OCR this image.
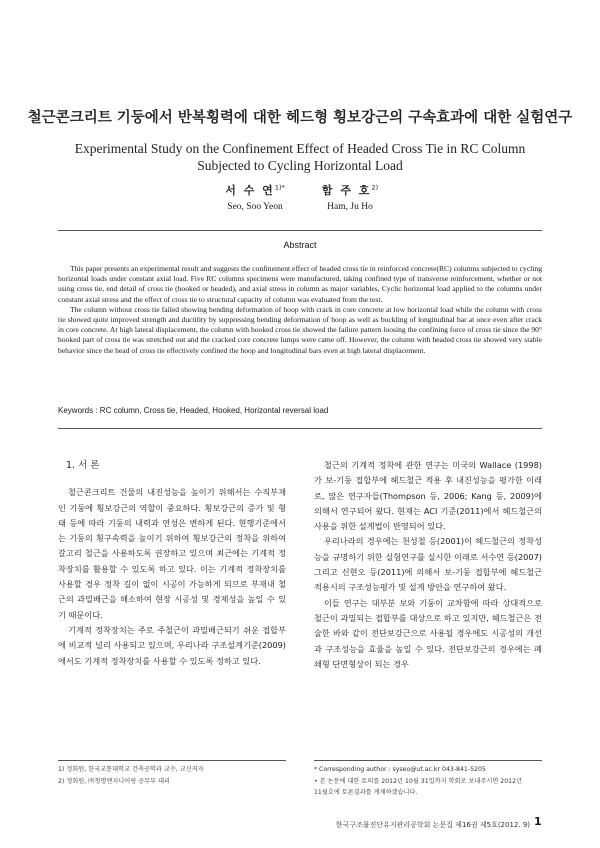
철근콘크리트 기둥에서 반복횡력에 대한 헤드형 횡보강근의 구속효과에 대한 실험연구
Experimental Study on the Confinement Effect of Headed Cross Tie in RC Column
Subjected to Cycling Horizontal Load
서 수 연$^{1)*}$
Seo, Soo Yeon
함 주 호$^{2)}$
Ham, Ju Ho
Abstract

This paper presents an experimental result and suggests the confinement effect of headed cross tie in reinforced concrete(RC) columns subjected to cycling horizontal loads under constant axial load. Five RC columns specimens were manufactured, taking confined type of transverse reinforcement, whether or not using cross tie, end detail of cross tie (hooked or headed), and axial stress in column as major variables, Cyclic horizontal load applied to the columns under constant axial stress and the effect of cross tie to structural capacity of column was evaluated from the test.

The column without cross tie failed showing bending deformation of hoop with crack in core concrete at low horizontal load while the column with cross tie showed quite improved strength and ductility by suppressing bending deformation of hoop as well as buckling of longitudinal bar at once even after crack in core concrete. At high lateral displacement, the column with hooked cross tie showed the failure pattern loosing the confining force of cross tie since the 90° hooked part of cross tie was stretched out and the cracked core concrete lumps were came off. However, the column with headed cross tie showed very stable behavior since the head of cross tie effectively confined the hoop and longitudinal bars even at high lateral displacement.

Keywords : RC column, Cross tie, Headed, Hooked, Horizontal reversal load
1. 서 론

철근콘크리트 건물의 내진성능을 높이기 위해서는 수직부재인 기둥에 횡보강근의 역할이 중요하다. 횡보강근의 증가 및 형태 등에 따라 기둥의 내력과 연성은 변하게 된다. 현행기준에서는 기둥의 횡구속력을 높이기 위하여 횡보강근의 정착을 위하여 갈고리 철근을 사용하도록 권장하고 있으며 최근에는 기계적 정착장치를 활용할 수 있도록 하고 있다. 이는 기계적 정착장치를 사용할 경우 정착 길이 없이 시공이 가능하게 되므로 부재내 철근의 과밀배근을 해소하여 현장 시공성 및 경제성을 높일 수 있기 때문이다.

기계적 정착장치는 주로 주철근이 과밀배근되기 쉬운 접합부에 비교적 널리 사용되고 있으며, 우리나라 구조설계기준(2009)에서도 기계적 정착장치를 사용할 수 있도록 정하고 있다.

철근의 기계적 정착에 관한 연구는 미국의 Wallace (1998)가 보-기둥 접합부에 헤드철근 적용 후 내진성능을 평가한 이래로, 많은 연구자들(Thompson 등, 2006; Kang 등, 2009)에 의해서 연구되어 왔다. 현재는 ACI 기준(2011)에서 헤드철근의 사용을 위한 설계법이 반영되어 있다.

우리나라의 경우에는 천성철 등(2001)이 헤드철근의 정착성능을 규명하기 위한 실험연구를 실시한 이래로 서수연 등(2007) 그리고 신현오 등(2011)에 의해서 보-기둥 접합부에 헤드철근 적용시의 구조성능평가 및 설계 방안을 연구하여 왔다.

이들 연구는 대부분 보와 기둥이 교차함에 따라 상대적으로 철근이 과밀되는 접합부를 대상으로 하고 있지만, 헤드철근은 전술한 바와 같이 전단보강근으로 사용될 경우에도 시공성의 개선과 구조성능을 효율을 높일 수 있다. 전단보강근의 경우에는 폐쇄형 단면형상이 되는 경우

1) 정회원, 한국교통대학교 건축공학과 교수, 교신저자
2) 정회원, ㈜청명엔지니어링 공무부 대리
* Corresponding author : syseo@ut.ac.kr 043-841-5205
• 본 논문에 대한 토의를 2012년 10월 31일까지 학회로 보내주시면 2012년
11월호에 토론결과를 게재하겠습니다.
한국구조물진단유지관리공학회 논문집 제16권 제5호(2012. 9) 1
